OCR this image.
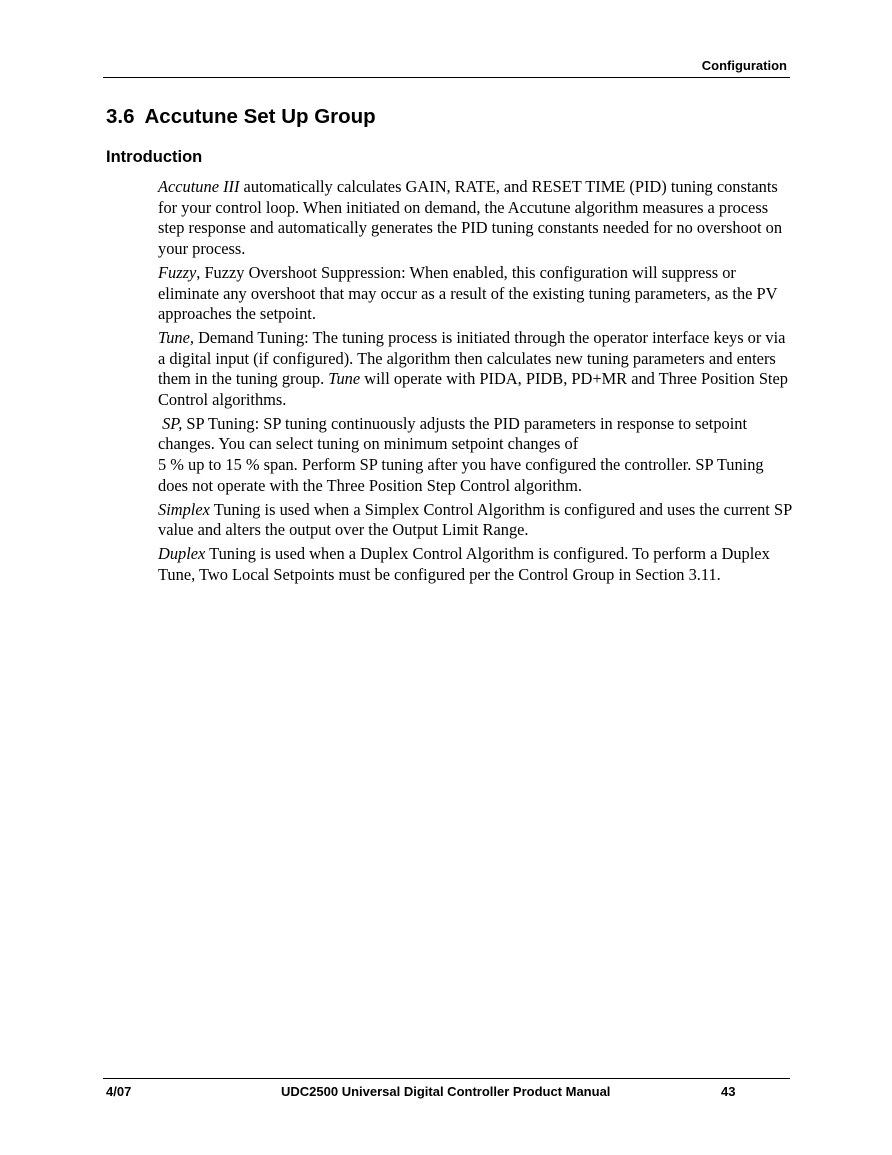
Configuration
3.6 Accutune Set Up Group
Introduction

Accutune III automatically calculates GAIN, RATE, and RESET TIME (PID) tuning constants for your control loop. When initiated on demand, the Accutune algorithm measures a process step response and automatically generates the PID tuning constants needed for no overshoot on your process.

Fuzzy, Fuzzy Overshoot Suppression: When enabled, this configuration will suppress or eliminate any overshoot that may occur as a result of the existing tuning parameters, as the PV approaches the setpoint.

Tune, Demand Tuning: The tuning process is initiated through the operator interface keys or via a digital input (if configured). The algorithm then calculates new tuning parameters and enters them in the tuning group. Tune will operate with PIDA, PIDB, PD+MR and Three Position Step Control algorithms.

SP, SP Tuning: SP tuning continuously adjusts the PID parameters in response to setpoint changes. You can select tuning on minimum setpoint changes of
5 % up to 15 % span. Perform SP tuning after you have configured the controller. SP Tuning does not operate with the Three Position Step Control algorithm.

Simplex Tuning is used when a Simplex Control Algorithm is configured and uses the current SP value and alters the output over the Output Limit Range.

Duplex Tuning is used when a Duplex Control Algorithm is configured. To perform a Duplex Tune, Two Local Setpoints must be configured per the Control Group in Section 3.11.

4/07	UDC2500 Universal Digital Controller Product Manual	43
